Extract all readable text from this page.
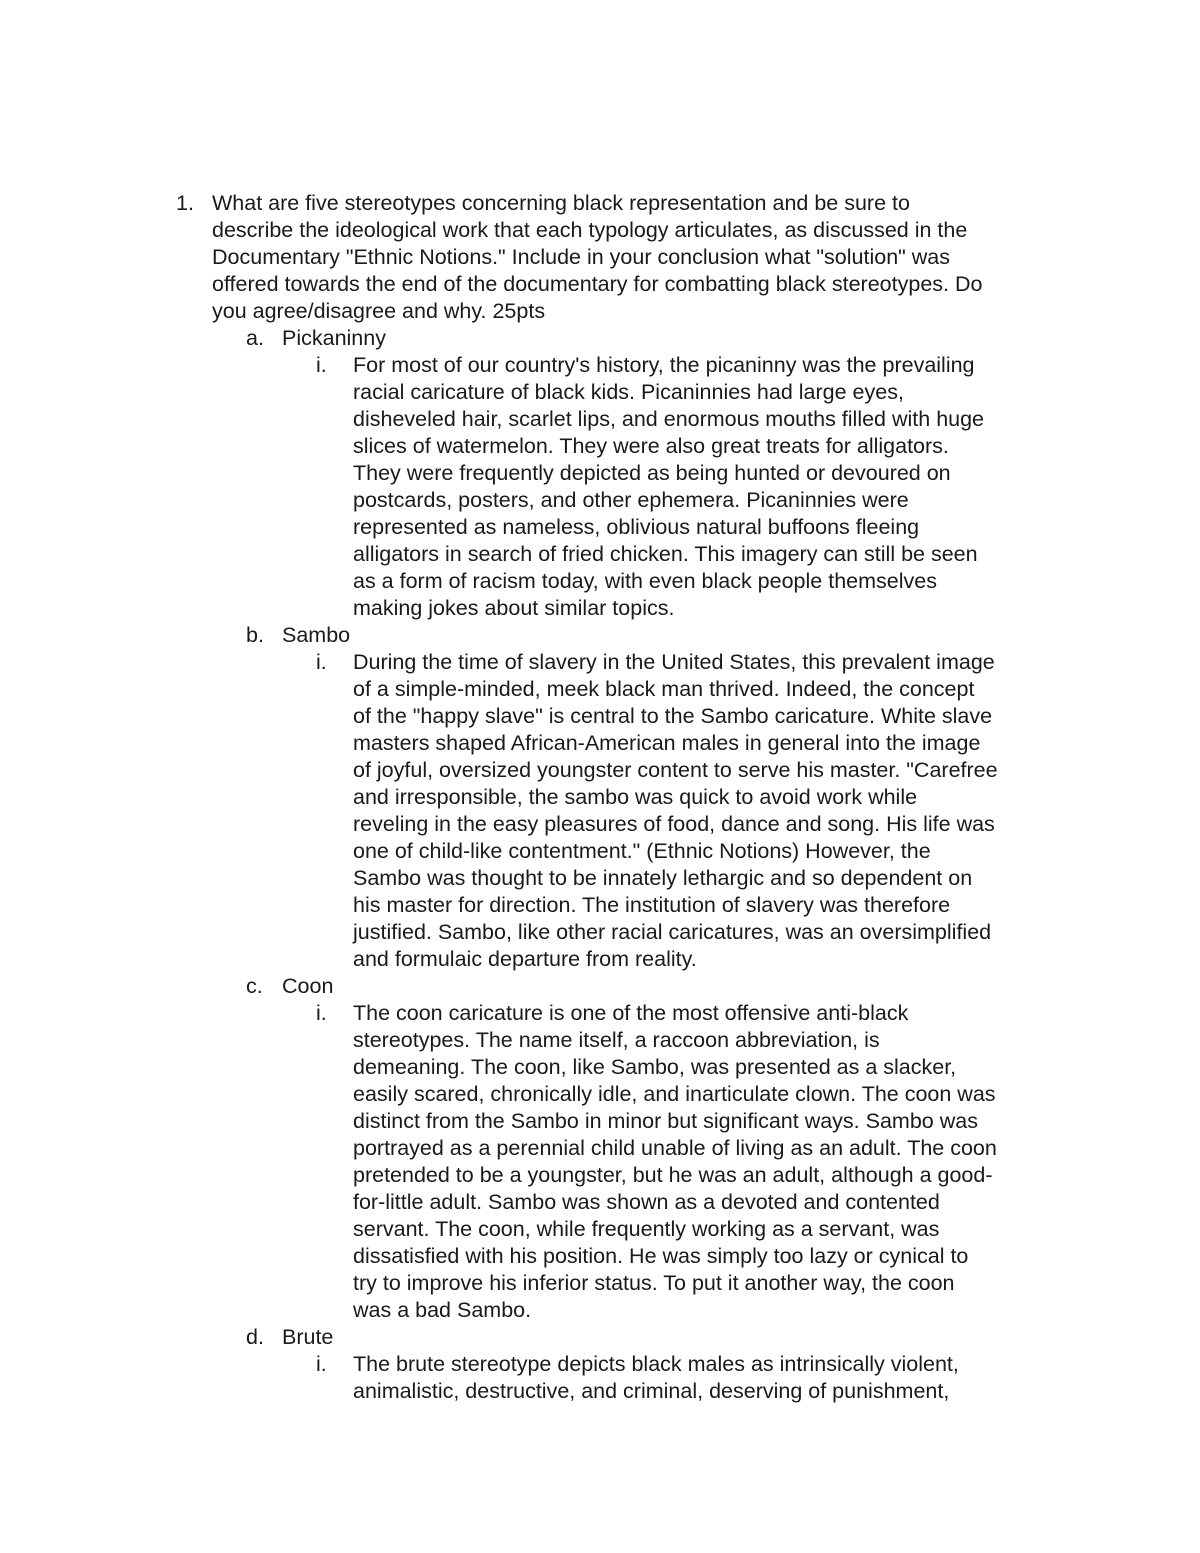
1. What are five stereotypes concerning black representation and be sure to
describe the ideological work that each typology articulates, as discussed in the
Documentary "Ethnic Notions." Include in your conclusion what "solution" was
offered towards the end of the documentary for combatting black stereotypes. Do
you agree/disagree and why. 25pts
a. Pickaninny
i. For most of our country's history, the picaninny was the prevailing
racial caricature of black kids. Picaninnies had large eyes,
disheveled hair, scarlet lips, and enormous mouths filled with huge
slices of watermelon. They were also great treats for alligators.
They were frequently depicted as being hunted or devoured on
postcards, posters, and other ephemera. Picaninnies were
represented as nameless, oblivious natural buffoons fleeing
alligators in search of fried chicken. This imagery can still be seen
as a form of racism today, with even black people themselves
making jokes about similar topics.
b. Sambo
i. During the time of slavery in the United States, this prevalent image
of a simple-minded, meek black man thrived. Indeed, the concept
of the "happy slave" is central to the Sambo caricature. White slave
masters shaped African-American males in general into the image
of joyful, oversized youngster content to serve his master. "Carefree
and irresponsible, the sambo was quick to avoid work while
reveling in the easy pleasures of food, dance and song. His life was
one of child-like contentment." (Ethnic Notions) However, the
Sambo was thought to be innately lethargic and so dependent on
his master for direction. The institution of slavery was therefore
justified. Sambo, like other racial caricatures, was an oversimplified
and formulaic departure from reality.
c. Coon
i. The coon caricature is one of the most offensive anti-black
stereotypes. The name itself, a raccoon abbreviation, is
demeaning. The coon, like Sambo, was presented as a slacker,
easily scared, chronically idle, and inarticulate clown. The coon was
distinct from the Sambo in minor but significant ways. Sambo was
portrayed as a perennial child unable of living as an adult. The coon
pretended to be a youngster, but he was an adult, although a good-
for-little adult. Sambo was shown as a devoted and contented
servant. The coon, while frequently working as a servant, was
dissatisfied with his position. He was simply too lazy or cynical to
try to improve his inferior status. To put it another way, the coon
was a bad Sambo.
d. Brute
i. The brute stereotype depicts black males as intrinsically violent,
animalistic, destructive, and criminal, deserving of punishment,
